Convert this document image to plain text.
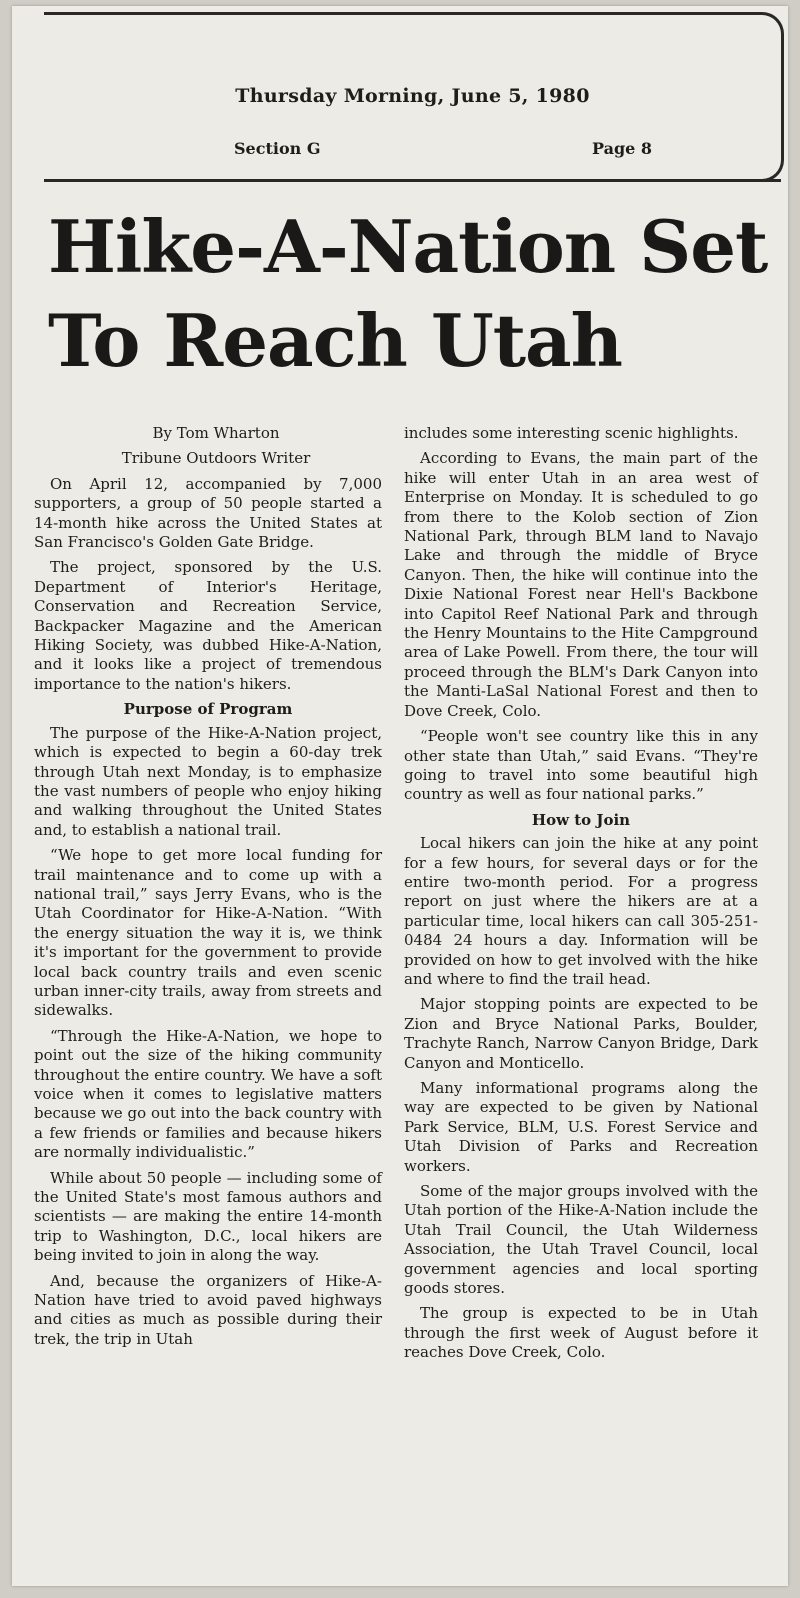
Thursday Morning, June 5, 1980
Section G	Page 8
Hike-A-Nation Set
To Reach Utah

By Tom Wharton

Tribune Outdoors Writer

On April 12, accompanied by 7,000 supporters, a group of 50 people started a 14-month hike across the United States at San Francisco's Golden Gate Bridge.

The project, sponsored by the U.S. Department of Interior's Heritage, Conservation and Recreation Service, Backpacker Magazine and the American Hiking Society, was dubbed Hike-A-Nation, and it looks like a project of tremendous importance to the nation's hikers.

Purpose of Program

The purpose of the Hike-A-Nation project, which is expected to begin a 60-day trek through Utah next Monday, is to emphasize the vast numbers of people who enjoy hiking and walking throughout the United States and, to establish a national trail.

“We hope to get more local funding for trail maintenance and to come up with a national trail,” says Jerry Evans, who is the Utah Coordinator for Hike-A-Nation. “With the energy situation the way it is, we think it's important for the government to provide local back country trails and even scenic urban inner-city trails, away from streets and sidewalks.

“Through the Hike-A-Nation, we hope to point out the size of the hiking community throughout the entire country. We have a soft voice when it comes to legislative matters because we go out into the back country with a few friends or families and because hikers are normally individualistic.”

While about 50 people — including some of the United State's most famous authors and scientists — are making the entire 14-month trip to Washington, D.C., local hikers are being invited to join in along the way.

And, because the organizers of Hike-A-Nation have tried to avoid paved highways and cities as much as possible during their trek, the trip in Utah

includes some interesting scenic highlights.

According to Evans, the main part of the hike will enter Utah in an area west of Enterprise on Monday. It is scheduled to go from there to the Kolob section of Zion National Park, through BLM land to Navajo Lake and through the middle of Bryce Canyon. Then, the hike will continue into the Dixie National Forest near Hell's Backbone into Capitol Reef National Park and through the Henry Mountains to the Hite Campground area of Lake Powell. From there, the tour will proceed through the BLM's Dark Canyon into the Manti-LaSal National Forest and then to Dove Creek, Colo.

“People won't see country like this in any other state than Utah,” said Evans. “They're going to travel into some beautiful high country as well as four national parks.”

How to Join

Local hikers can join the hike at any point for a few hours, for several days or for the entire two-month period. For a progress report on just where the hikers are at a particular time, local hikers can call 305-251-0484 24 hours a day. Information will be provided on how to get involved with the hike and where to find the trail head.

Major stopping points are expected to be Zion and Bryce National Parks, Boulder, Trachyte Ranch, Narrow Canyon Bridge, Dark Canyon and Monticello.

Many informational programs along the way are expected to be given by National Park Service, BLM, U.S. Forest Service and Utah Division of Parks and Recreation workers.

Some of the major groups involved with the Utah portion of the Hike-A-Nation include the Utah Trail Council, the Utah Wilderness Association, the Utah Travel Council, local government agencies and local sporting goods stores.

The group is expected to be in Utah through the first week of August before it reaches Dove Creek, Colo.
